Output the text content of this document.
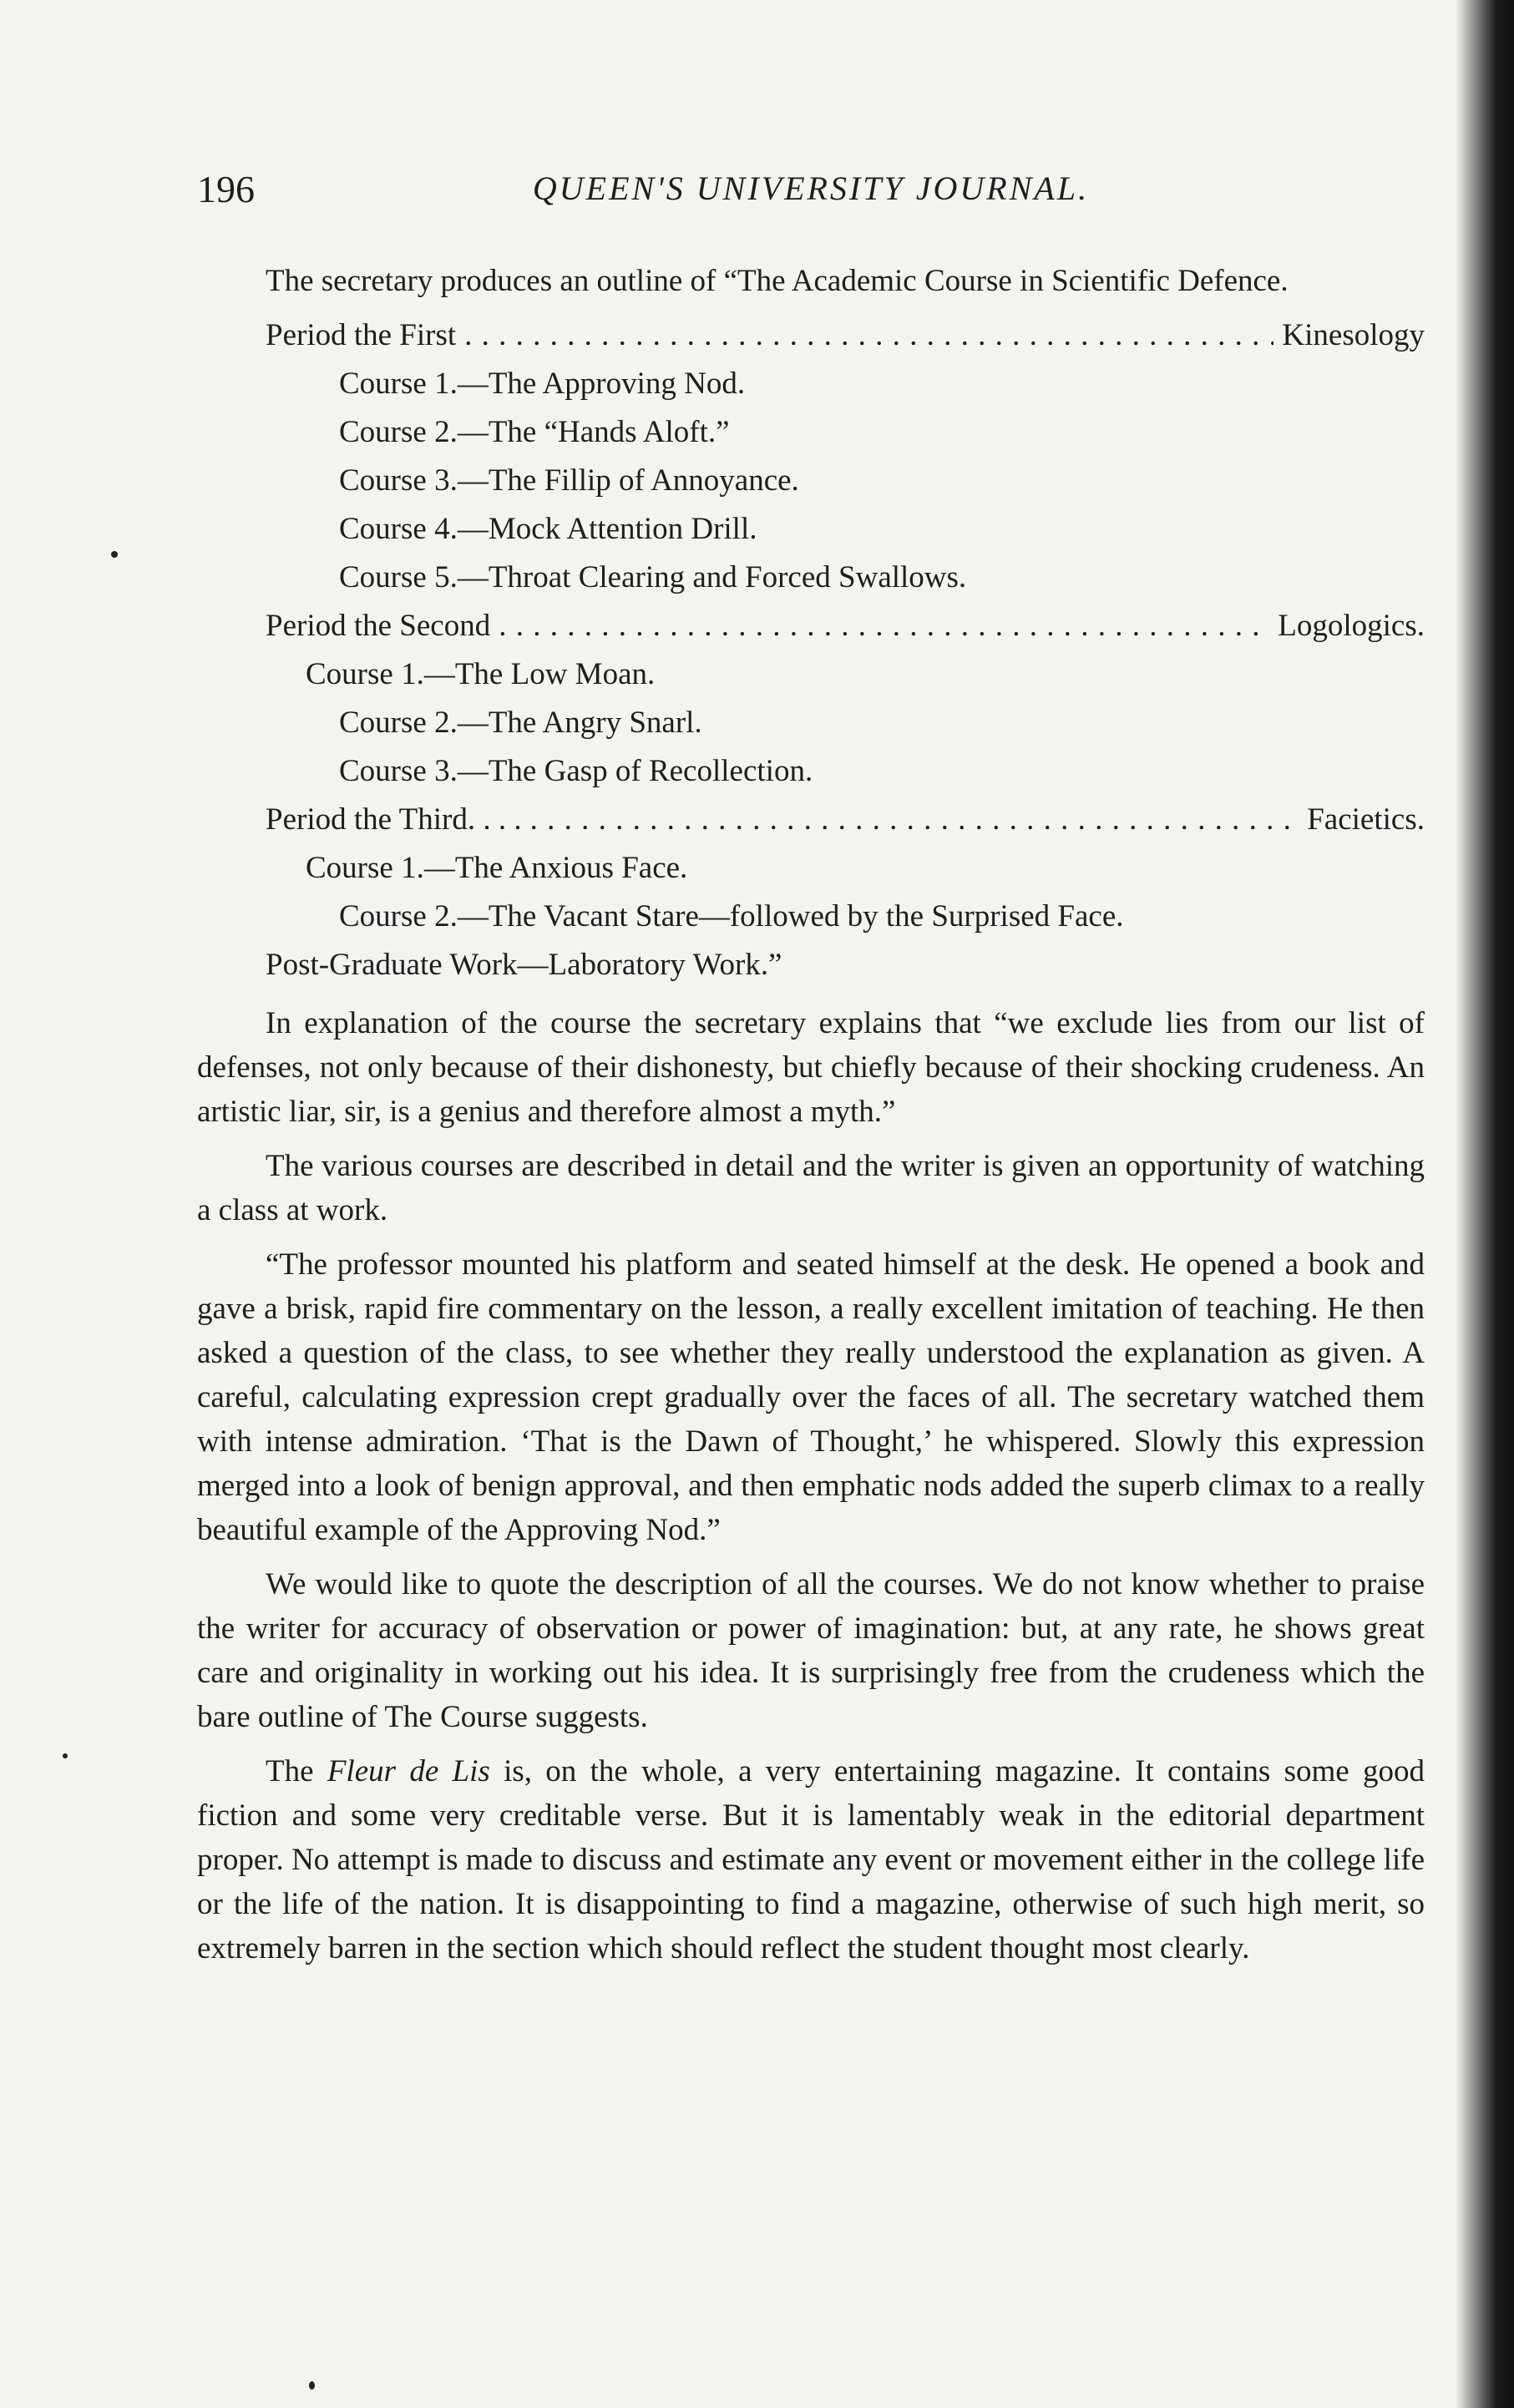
196	QUEEN'S UNIVERSITY JOURNAL.

The secretary produces an outline of “The Academic Course in Scientific Defence.

Period the First . . .	Kinesology
Course 1.—The Approving Nod.
Course 2.—The “Hands Aloft.”
Course 3.—The Fillip of Annoyance.
Course 4.—Mock Attention Drill.
Course 5.—Throat Clearing and Forced Swallows.
Period the Second . . .	Logologics.
Course 1.—The Low Moan.
Course 2.—The Angry Snarl.
Course 3.—The Gasp of Recollection.
Period the Third. . . . . . .	Facietics.
Course 1.—The Anxious Face.
Course 2.—The Vacant Stare—followed by the Surprised Face.
Post-Graduate Work—Laboratory Work.”

In explanation of the course the secretary explains that “we exclude lies from our list of defenses, not only because of their dishonesty, but chiefly because of their shocking crudeness. An artistic liar, sir, is a genius and therefore almost a myth.”

The various courses are described in detail and the writer is given an opportunity of watching a class at work.

“The professor mounted his platform and seated himself at the desk. He opened a book and gave a brisk, rapid fire commentary on the lesson, a really excellent imitation of teaching. He then asked a question of the class, to see whether they really understood the explanation as given. A careful, calculating expression crept gradually over the faces of all. The secretary watched them with intense admiration. ‘That is the Dawn of Thought,’ he whispered. Slowly this expression merged into a look of benign approval, and then emphatic nods added the superb climax to a really beautiful example of the Approving Nod.”

We would like to quote the description of all the courses. We do not know whether to praise the writer for accuracy of observation or power of imagination: but, at any rate, he shows great care and originality in working out his idea. It is surprisingly free from the crudeness which the bare outline of The Course suggests.

The Fleur de Lis is, on the whole, a very entertaining magazine. It contains some good fiction and some very creditable verse. But it is lamentably weak in the editorial department proper. No attempt is made to discuss and estimate any event or movement either in the college life or the life of the nation. It is disappointing to find a magazine, otherwise of such high merit, so extremely barren in the section which should reflect the student thought most clearly.
